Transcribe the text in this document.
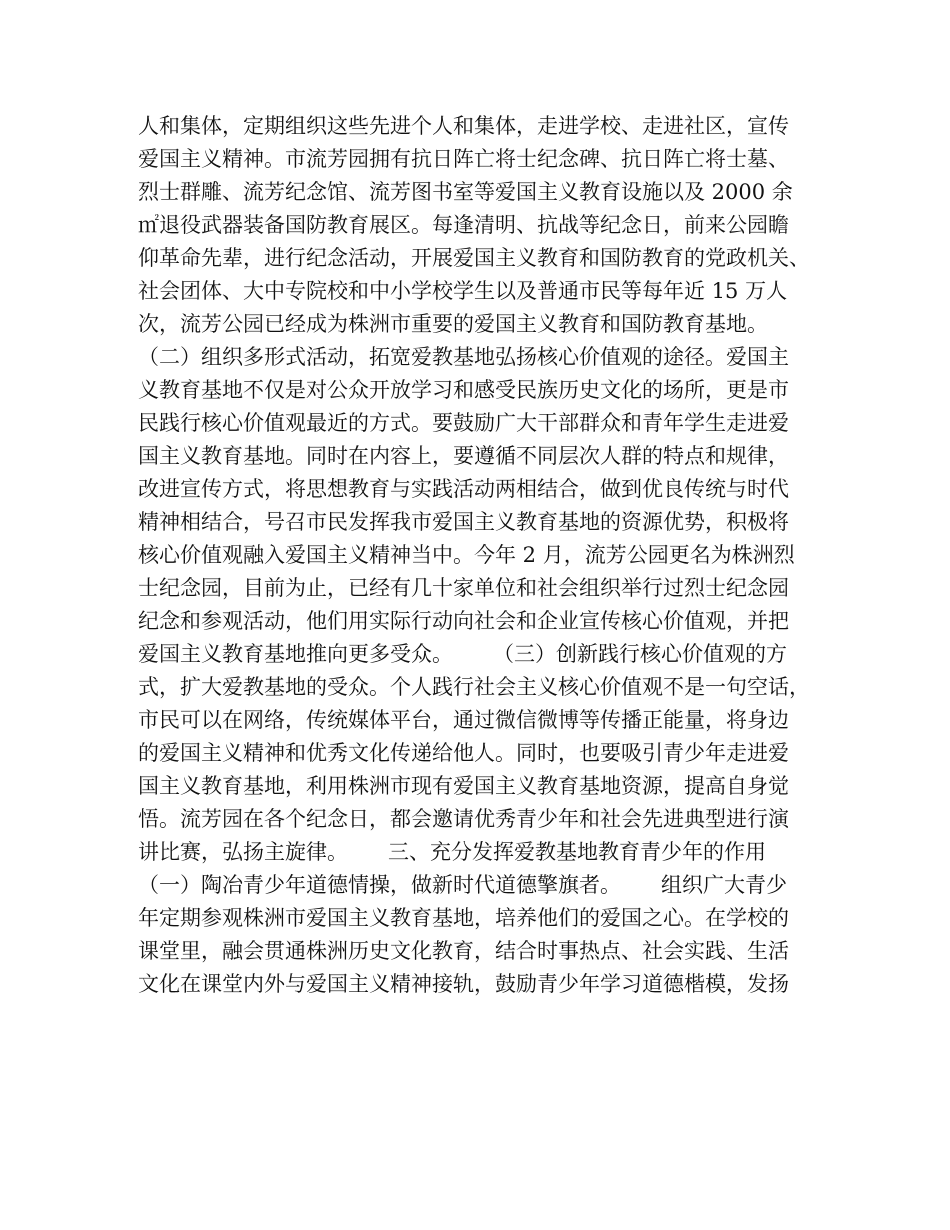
人和集体，定期组织这些先进个人和集体，走进学校、走进社区，宣传
爱国主义精神。市流芳园拥有抗日阵亡将士纪念碑、抗日阵亡将士墓、
烈士群雕、流芳纪念馆、流芳图书室等爱国主义教育设施以及 2000 余
㎡退役武器装备国防教育展区。每逢清明、抗战等纪念日，前来公园瞻
仰革命先辈，进行纪念活动，开展爱国主义教育和国防教育的党政机关、
社会团体、大中专院校和中小学校学生以及普通市民等每年近 15 万人
次，流芳公园已经成为株洲市重要的爱国主义教育和国防教育基地。
（二）组织多形式活动，拓宽爱教基地弘扬核心价值观的途径。爱国主
义教育基地不仅是对公众开放学习和感受民族历史文化的场所，更是市
民践行核心价值观最近的方式。要鼓励广大干部群众和青年学生走进爱
国主义教育基地。同时在内容上，要遵循不同层次人群的特点和规律，
改进宣传方式，将思想教育与实践活动两相结合，做到优良传统与时代
精神相结合，号召市民发挥我市爱国主义教育基地的资源优势，积极将
核心价值观融入爱国主义精神当中。今年 2 月，流芳公园更名为株洲烈
士纪念园，目前为止，已经有几十家单位和社会组织举行过烈士纪念园
纪念和参观活动，他们用实际行动向社会和企业宣传核心价值观，并把
爱国主义教育基地推向更多受众。      （三）创新践行核心价值观的方
式，扩大爱教基地的受众。个人践行社会主义核心价值观不是一句空话，
市民可以在网络，传统媒体平台，通过微信微博等传播正能量，将身边
的爱国主义精神和优秀文化传递给他人。同时，也要吸引青少年走进爱
国主义教育基地，利用株洲市现有爱国主义教育基地资源，提高自身觉
悟。流芳园在各个纪念日，都会邀请优秀青少年和社会先进典型进行演
讲比赛，弘扬主旋律。      三、充分发挥爱教基地教育青少年的作用
（一）陶冶青少年道德情操，做新时代道德擎旗者。      组织广大青少
年定期参观株洲市爱国主义教育基地，培养他们的爱国之心。在学校的
课堂里，融会贯通株洲历史文化教育，结合时事热点、社会实践、生活
文化在课堂内外与爱国主义精神接轨，鼓励青少年学习道德楷模，发扬
